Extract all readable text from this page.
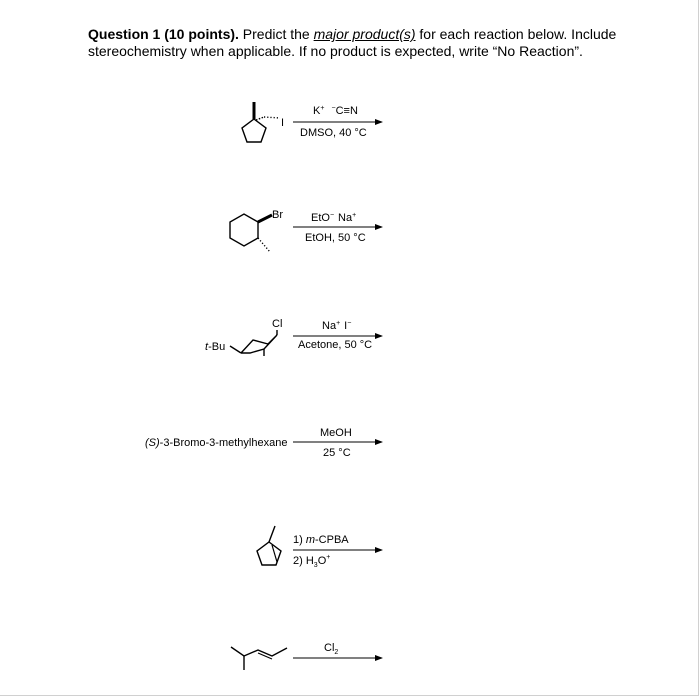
Question 1 (10 points). Predict the major product(s) for each reaction below. Include stereochemistry when applicable. If no product is expected, write “No Reaction”.

I
K+ −C≡N
DMSO, 40 °C
Br	EtO− Na+
EtOH, 50 °C
t-Bu
Cl	Na+ I−
Acetone, 50 °C
(S)-3-Bromo-3-methylhexane
MeOH
25 °C
1) m-CPBA
2) $H_3O^+$
$Cl_2$
